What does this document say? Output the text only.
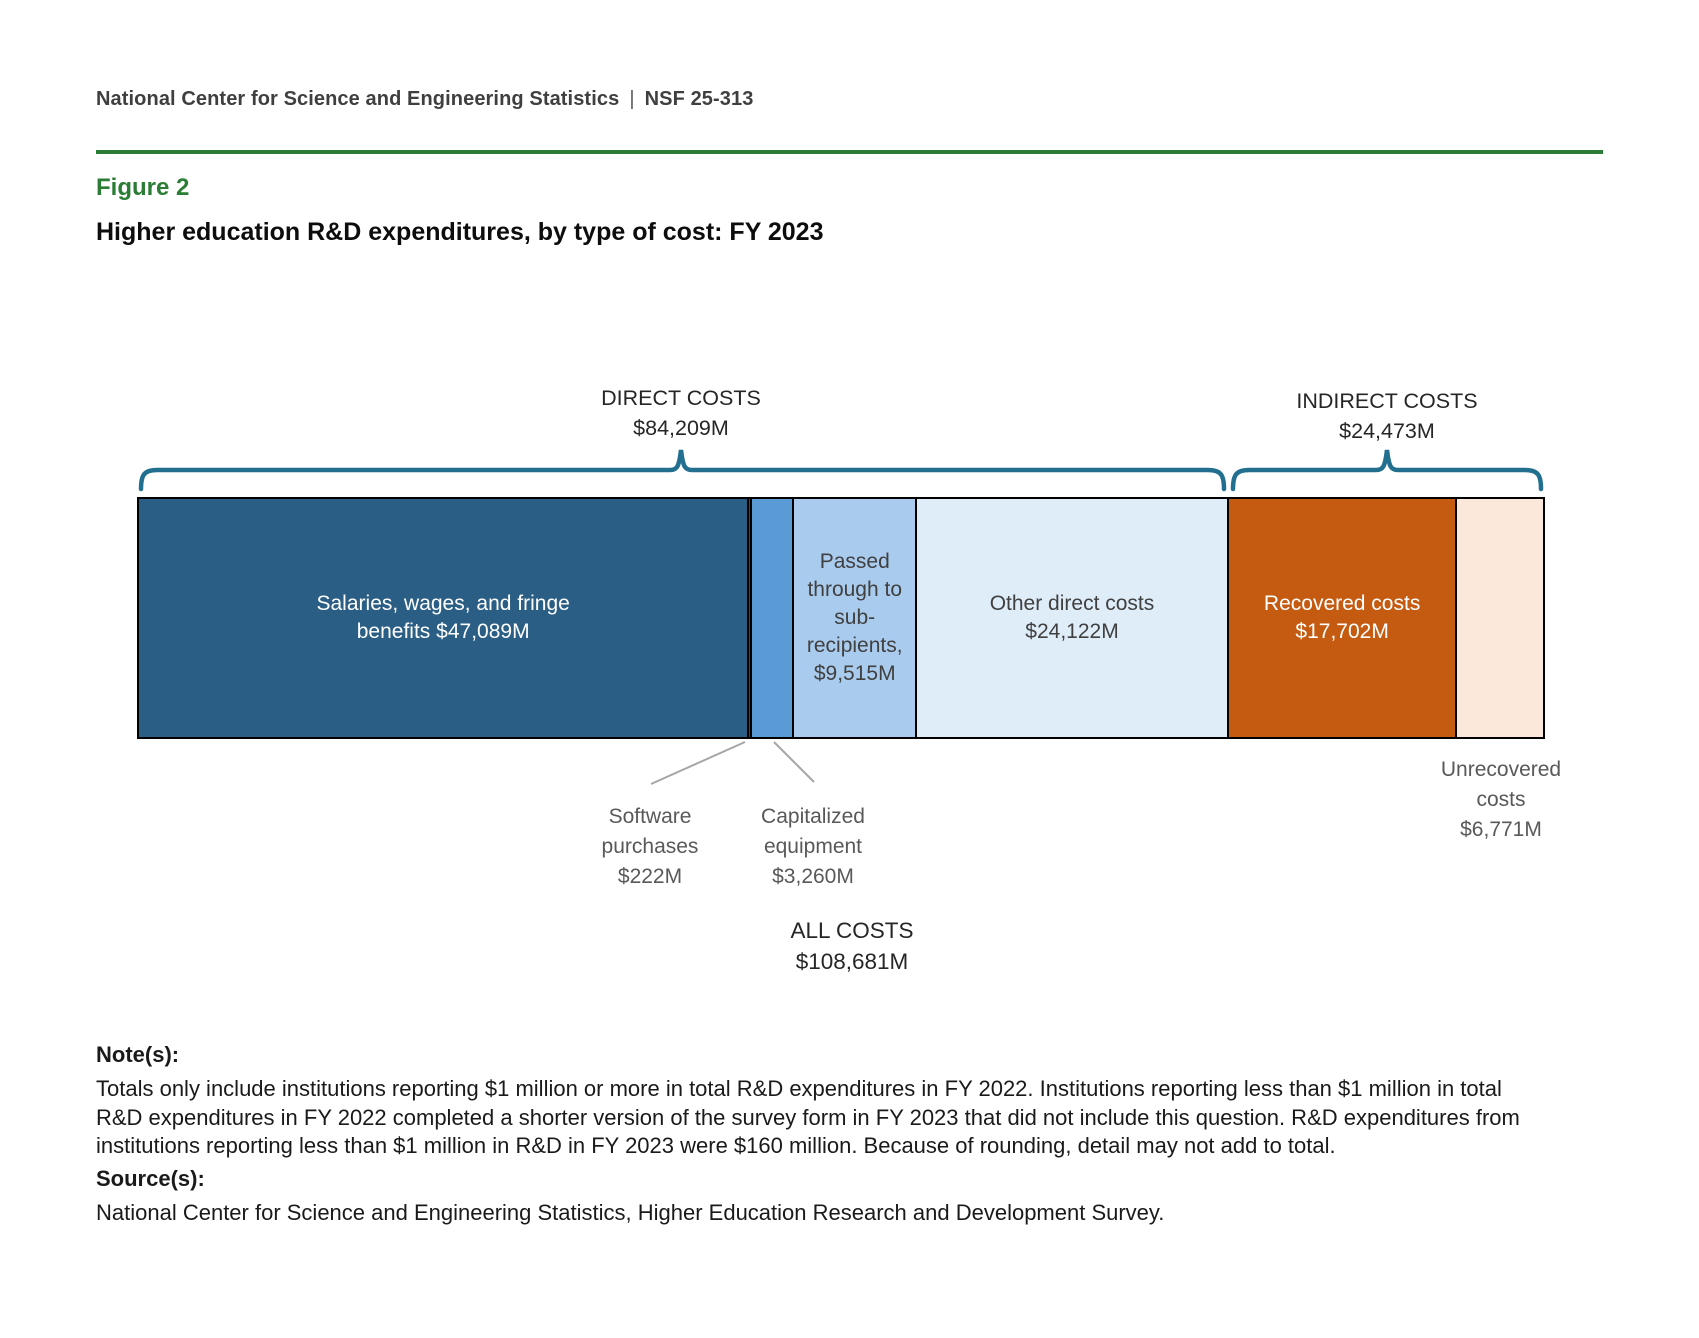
National Center for Science and Engineering Statistics | NSF 25-313
Figure 2
Higher education R&D expenditures, by type of cost: FY 2023
DIRECT COSTS
$84,209M
INDIRECT COSTS
$24,473M
Salaries, wages, and fringe benefits $47,089M
Passed through to sub-recipients, $9,515M
Other direct costs
$24,122M
Recovered costs
$17,702M
Software purchases
$222M
Capitalized equipment
$3,260M
Unrecovered costs
$6,771M
ALL COSTS
$108,681M
Note(s):
Totals only include institutions reporting $1 million or more in total R&D expenditures in FY 2022. Institutions reporting less than $1 million in total
R&D expenditures in FY 2022 completed a shorter version of the survey form in FY 2023 that did not include this question. R&D expenditures from
institutions reporting less than $1 million in R&D in FY 2023 were $160 million. Because of rounding, detail may not add to total.
Source(s):
National Center for Science and Engineering Statistics, Higher Education Research and Development Survey.
